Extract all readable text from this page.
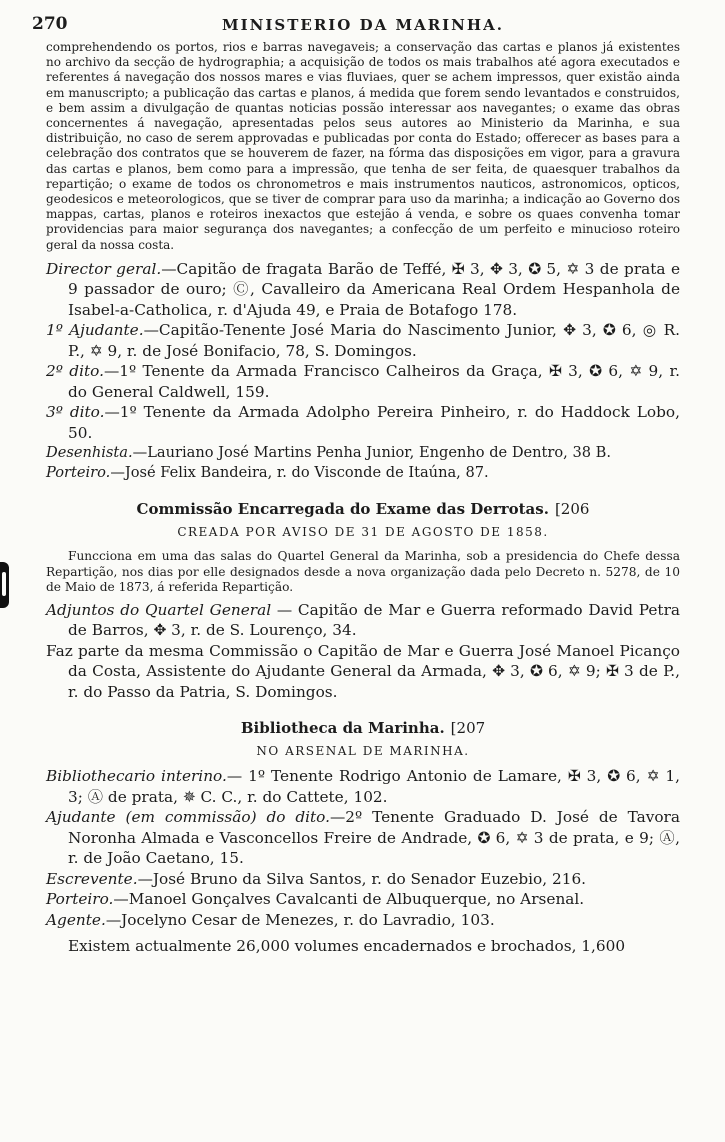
270	MINISTERIO DA MARINHA.

comprehendendo os portos, rios e barras navegaveis; a conservação das cartas e planos já existentes no archivo da secção de hydrographia; a acquisição de todos os mais trabalhos até agora executados e referentes á navegação dos nossos mares e vias fluviaes, quer se achem impressos, quer existão ainda em manuscripto; a publicação das cartas e planos, á medida que forem sendo levantados e construidos, e bem assim a divulgação de quantas noticias possão interessar aos navegantes; o exame das obras concernentes á navegação, apresentadas pelos seus autores ao Ministerio da Marinha, e sua distribuição, no caso de serem approvadas e publicadas por conta do Estado; offerecer as bases para a celebração dos contratos que se houverem de fazer, na fórma das disposições em vigor, para a gravura das cartas e planos, bem como para a impressão, que tenha de ser feita, de quaesquer trabalhos da repartição; o exame de todos os chronometros e mais instrumentos nauticos, astronomicos, opticos, geodesicos e meteorologicos, que se tiver de comprar para uso da marinha; a indicação ao Governo dos mappas, cartas, planos e roteiros inexactos que estejão á venda, e sobre os quaes convenha tomar providencias para maior segurança dos navegantes; a confecção de um perfeito e minucioso roteiro geral da nossa costa.

Director geral.—Capitão de fragata Barão de Teffé, ✠ 3, ✥ 3, ✪ 5, ✡ 3 de prata e 9 passador de ouro; Ⓒ, Cavalleiro da Americana Real Ordem Hespanhola de Isabel-a-Catholica, r. d'Ajuda 49, e Praia de Botafogo 178.

1º Ajudante.—Capitão-Tenente José Maria do Nascimento Junior, ✥ 3, ✪ 6, ◎ R. P., ✡ 9, r. de José Bonifacio, 78, S. Domingos.

2º dito.—1º Tenente da Armada Francisco Calheiros da Graça, ✠ 3, ✪ 6, ✡ 9, r. do General Caldwell, 159.

3º dito.—1º Tenente da Armada Adolpho Pereira Pinheiro, r. do Haddock Lobo, 50.

Desenhista.—Lauriano José Martins Penha Junior, Engenho de Dentro, 38 B.

Porteiro.—José Felix Bandeira, r. do Visconde de Itaúna, 87.

Commissão Encarregada do Exame das Derrotas. [206
CREADA POR AVISO DE 31 DE AGOSTO DE 1858.

Funcciona em uma das salas do Quartel General da Marinha, sob a presidencia do Chefe dessa Repartição, nos dias por elle designados desde a nova organização dada pelo Decreto n. 5278, de 10 de Maio de 1873, á referida Repartição.

Adjuntos do Quartel General — Capitão de Mar e Guerra reformado David Petra de Barros, ✥ 3, r. de S. Lourenço, 34.

Faz parte da mesma Commissão o Capitão de Mar e Guerra José Manoel Picanço da Costa, Assistente do Ajudante General da Armada, ✥ 3, ✪ 6, ✡ 9; ✠ 3 de P., r. do Passo da Patria, S. Domingos.

Bibliotheca da Marinha. [207
NO ARSENAL DE MARINHA.

Bibliothecario interino.— 1º Tenente Rodrigo Antonio de Lamare, ✠ 3, ✪ 6, ✡ 1, 3; Ⓐ de prata, ✵ C. C., r. do Cattete, 102.

Ajudante (em commissão) do dito.—2º Tenente Graduado D. José de Tavora Noronha Almada e Vasconcellos Freire de Andrade, ✪ 6, ✡ 3 de prata, e 9; Ⓐ, r. de João Caetano, 15.

Escrevente.—José Bruno da Silva Santos, r. do Senador Euzebio, 216.

Porteiro.—Manoel Gonçalves Cavalcanti de Albuquerque, no Arsenal.

Agente.—Jocelyno Cesar de Menezes, r. do Lavradio, 103.

Existem actualmente 26,000 volumes encadernados e brochados, 1,600
